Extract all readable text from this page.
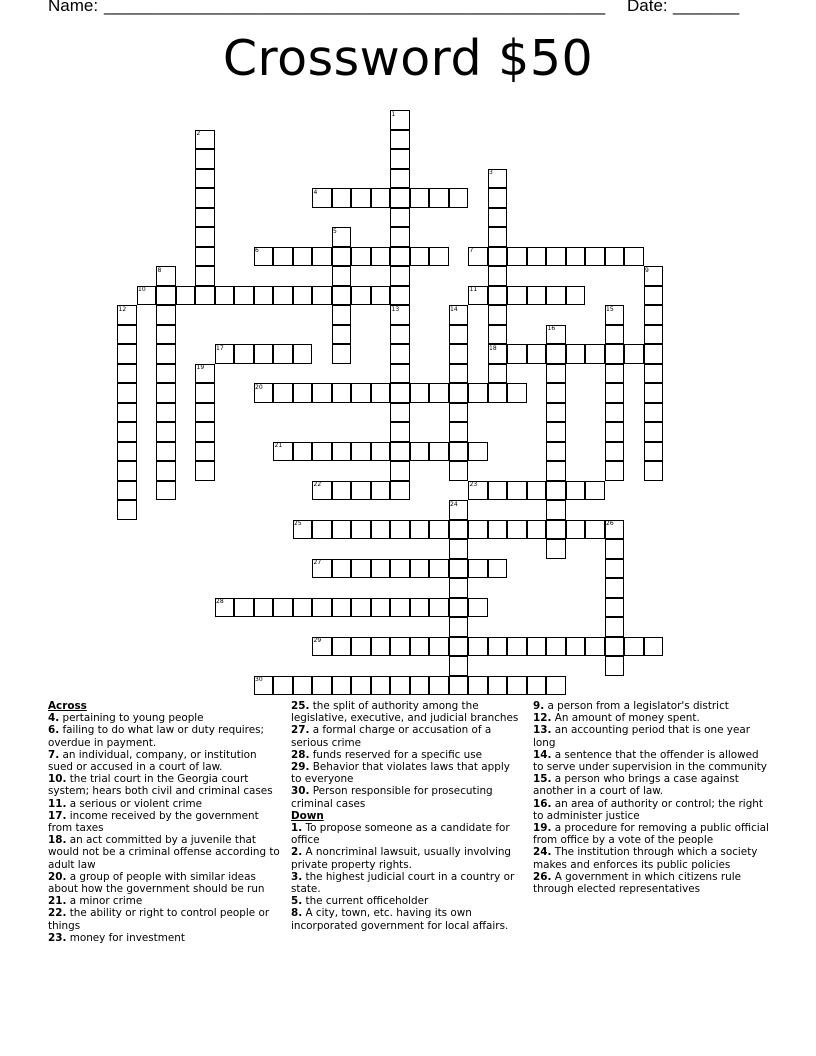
Name: _____________________________________________________ Date: _______
Crossword $50
4
6	7
10	11
17	18
20
21
22	23
25
27
28
29
30
1
2
3
5
8	9
12	13	14	15
16
19
24
26
Across
4. pertaining to young people
6. failing to do what law or duty requires; overdue in payment.
7. an individual, company, or institution sued or accused in a court of law.
10. the trial court in the Georgia court system; hears both civil and criminal cases
11. a serious or violent crime
17. income received by the government from taxes
18. an act committed by a juvenile that would not be a criminal offense according to adult law
20. a group of people with similar ideas about how the government should be run
21. a minor crime
22. the ability or right to control people or things
23. money for investment
25. the split of authority among the legislative, executive, and judicial branches
27. a formal charge or accusation of a serious crime
28. funds reserved for a specific use
29. Behavior that violates laws that apply to everyone
30. Person responsible for prosecuting criminal cases
Down
1. To propose someone as a candidate for office
2. A noncriminal lawsuit, usually involving private property rights.
3. the highest judicial court in a country or state.
5. the current officeholder
8. A city, town, etc. having its own incorporated government for local affairs.
9. a person from a legislator's district
12. An amount of money spent.
13. an accounting period that is one year long
14. a sentence that the offender is allowed to serve under supervision in the community
15. a person who brings a case against another in a court of law.
16. an area of authority or control; the right to administer justice
19. a procedure for removing a public official from office by a vote of the people
24. The institution through which a society makes and enforces its public policies
26. A government in which citizens rule through elected representatives
